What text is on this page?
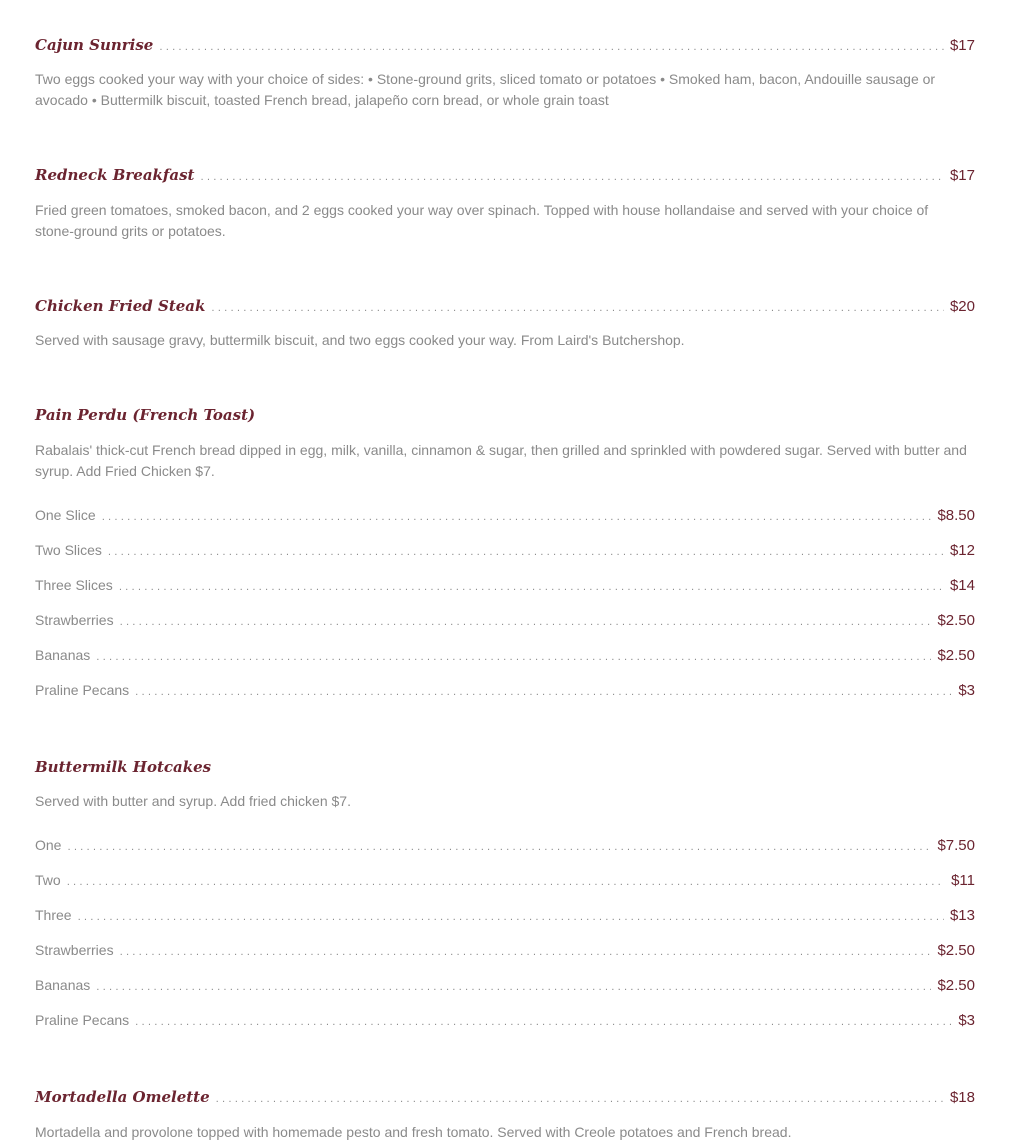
Cajun Sunrise . . .	$17
Two eggs cooked your way with your choice of sides: • Stone-ground grits, sliced tomato or potatoes • Smoked ham, bacon, Andouille sausage or avocado • Buttermilk biscuit, toasted French bread, jalapeño corn bread, or whole grain toast
Redneck Breakfast . . .	$17
Fried green tomatoes, smoked bacon, and 2 eggs cooked your way over spinach. Topped with house hollandaise and served with your choice of stone-ground grits or potatoes.
Chicken Fried Steak . . .	$20
Served with sausage gravy, buttermilk biscuit, and two eggs cooked your way. From Laird's Butchershop.
Pain Perdu (French Toast)
Rabalais' thick-cut French bread dipped in egg, milk, vanilla, cinnamon & sugar, then grilled and sprinkled with powdered sugar. Served with butter and syrup. Add Fried Chicken $7.
One Slice . . .	$8.50
Two Slices . . .	$12
Three Slices . . .	$14
Strawberries . . .	$2.50
Bananas . . .	$2.50
Praline Pecans . . .	$3
Buttermilk Hotcakes
Served with butter and syrup. Add fried chicken $7.
One . . .	$7.50
Two . . .	$11
Three . . .	$13
Strawberries . . .	$2.50
Bananas . . .	$2.50
Praline Pecans . . .	$3
Mortadella Omelette . . .	$18
Mortadella and provolone topped with homemade pesto and fresh tomato. Served with Creole potatoes and French bread.
